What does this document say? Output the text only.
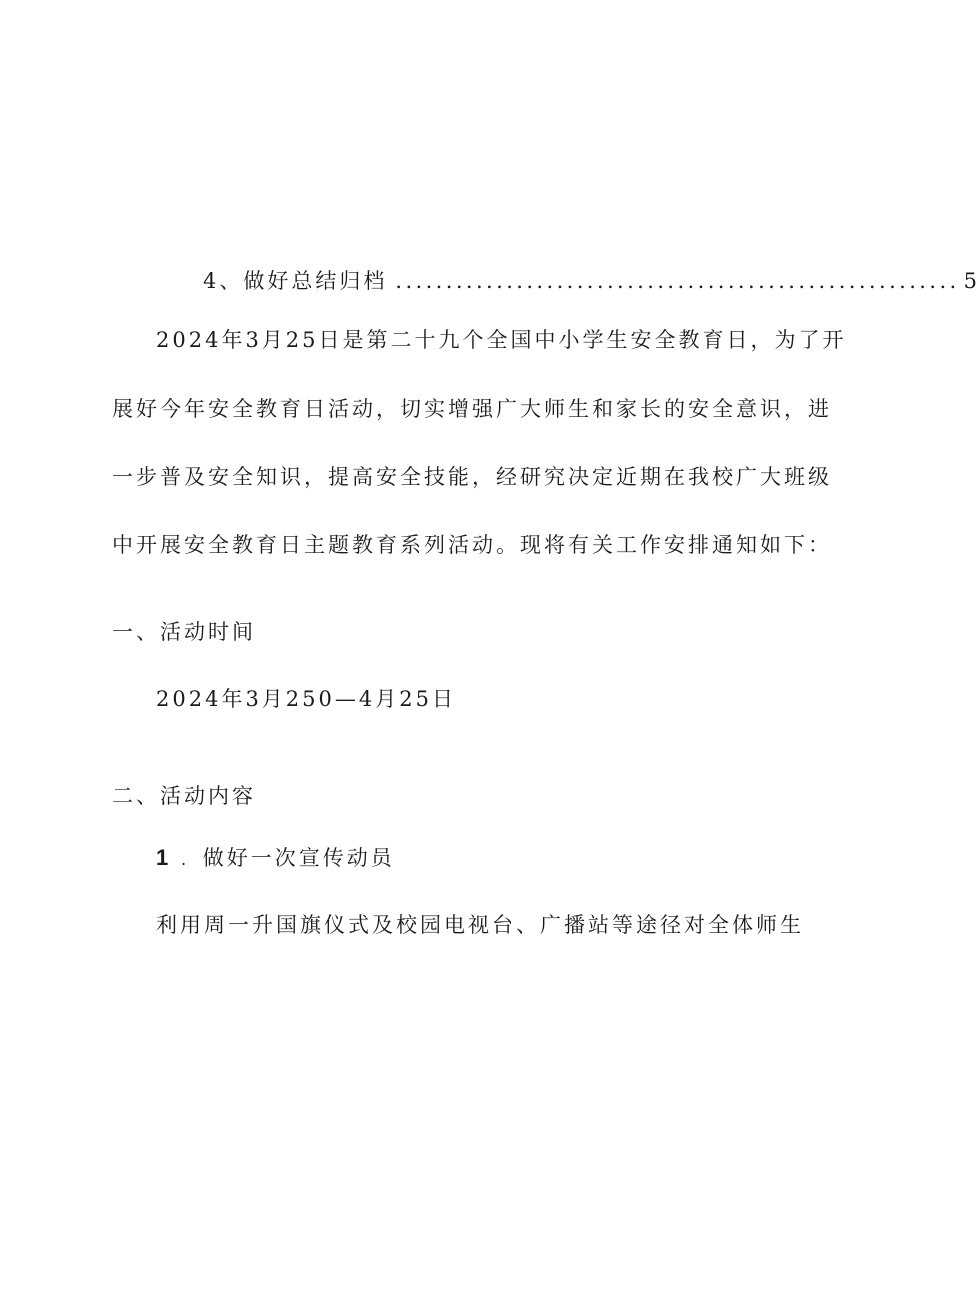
4、做好总结归档 ........................................................ 5
2024年3月25日是第二十九个全国中小学生安全教育日，为了开
展好今年安全教育日活动，切实增强广大师生和家长的安全意识，进
一步普及安全知识，提高安全技能，经研究决定近期在我校广大班级
中开展安全教育日主题教育系列活动。现将有关工作安排通知如下：
一、活动时间
2024年3月250—4月25日
二、活动内容
1 . 做好一次宣传动员
利用周一升国旗仪式及校园电视台、广播站等途径对全体师生
